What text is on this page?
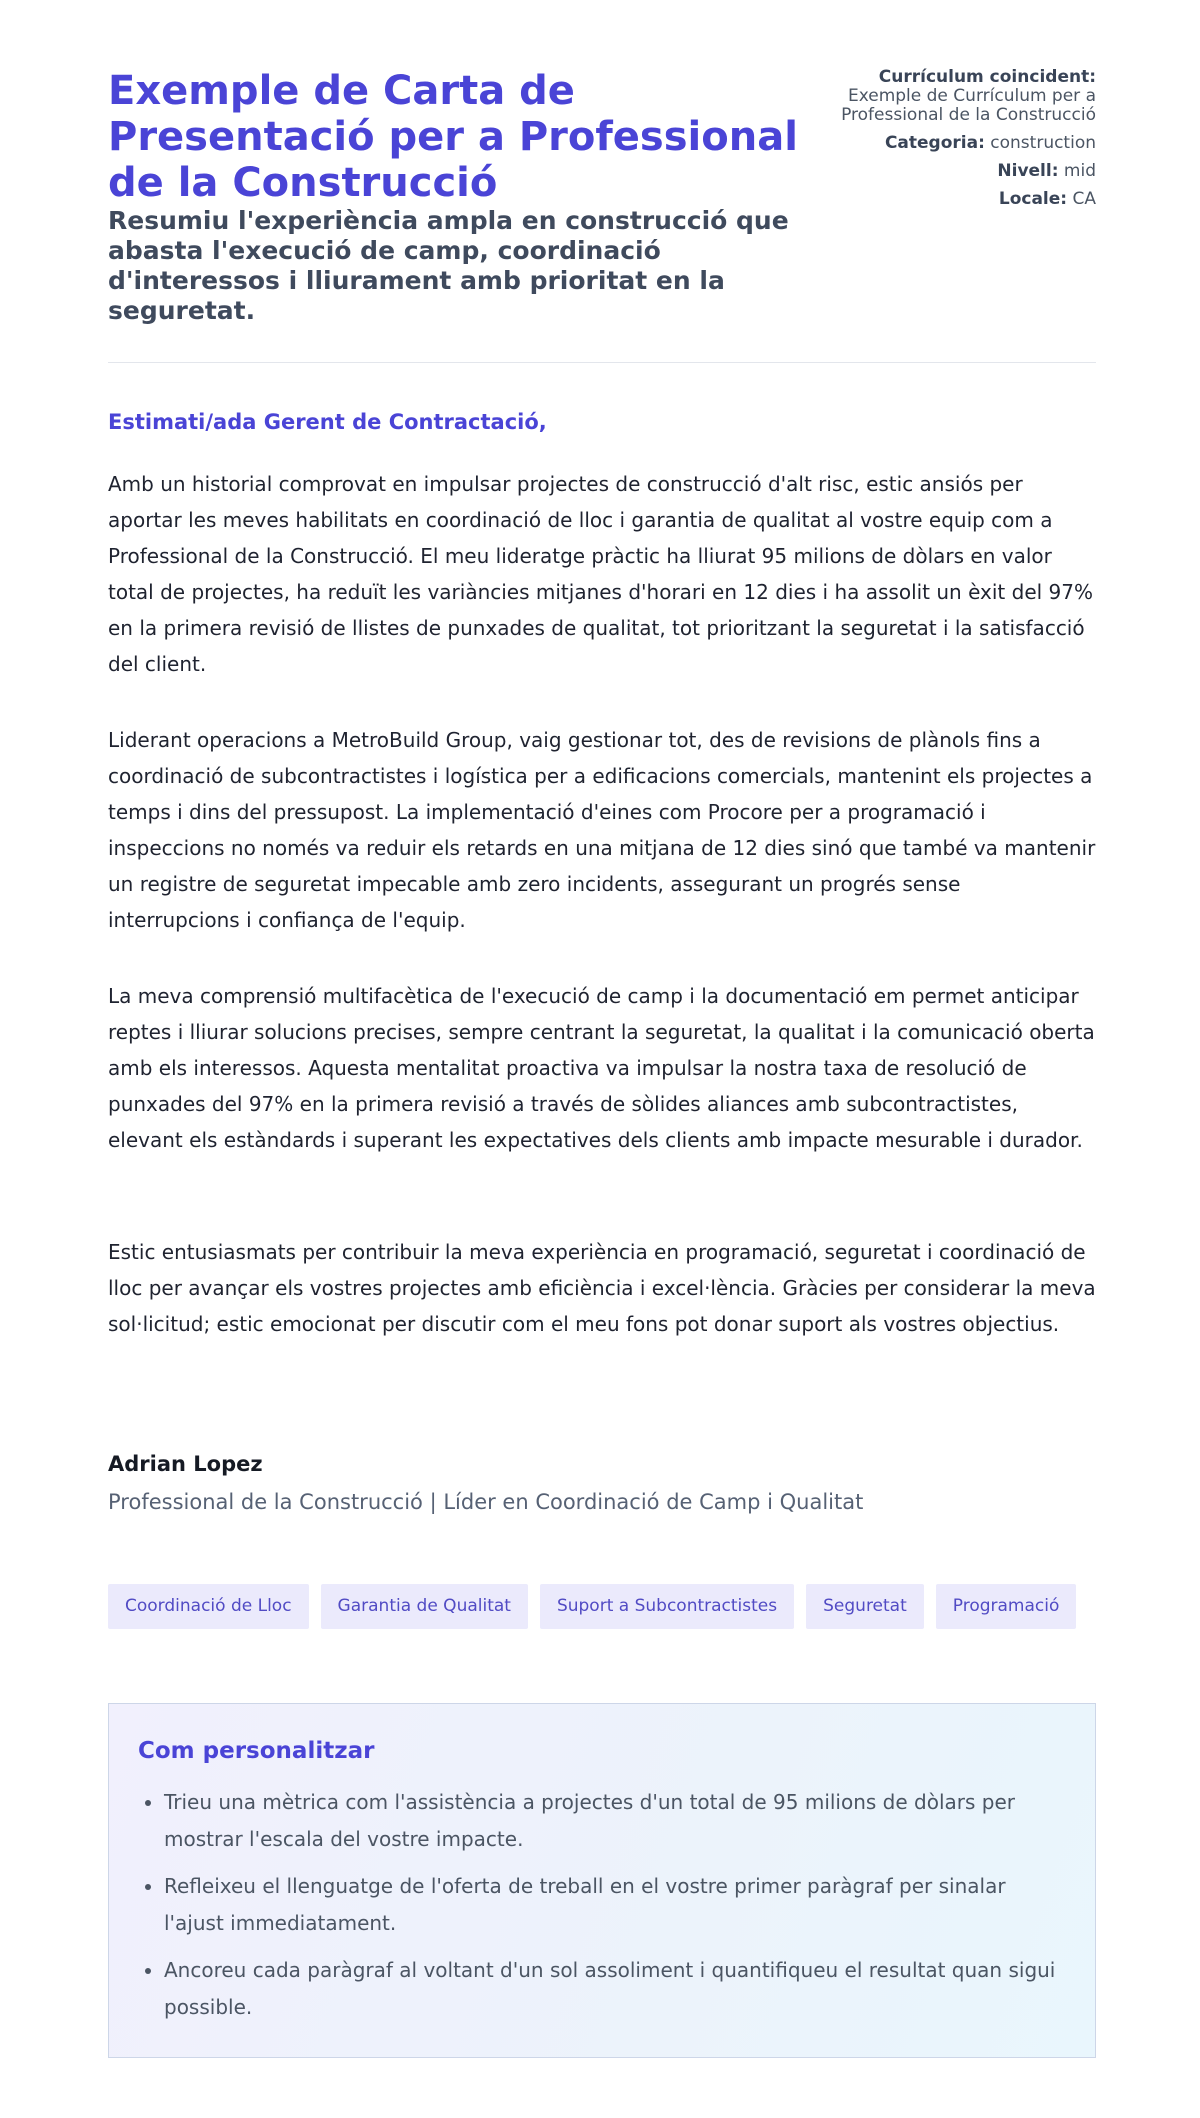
Exemple de Carta de Presentació per a Professional de la Construcció
Resumiu l'experiència ampla en construcció que abasta l'execució de camp, coordinació d'interessos i lliurament amb prioritat en la seguretat.
Currículum coincident:
Exemple de Currículum per a Professional de la Construcció
Categoria: construction
Nivell: mid
Locale: CA

Estimati/ada Gerent de Contractació,

Amb un historial comprovat en impulsar projectes de construcció d'alt risc, estic ansiós per aportar les meves habilitats en coordinació de lloc i garantia de qualitat al vostre equip com a Professional de la Construcció. El meu lideratge pràctic ha lliurat 95 milions de dòlars en valor total de projectes, ha reduït les variàncies mitjanes d'horari en 12 dies i ha assolit un èxit del 97% en la primera revisió de llistes de punxades de qualitat, tot prioritzant la seguretat i la satisfacció del client.

Liderant operacions a MetroBuild Group, vaig gestionar tot, des de revisions de plànols fins a coordinació de subcontractistes i logística per a edificacions comercials, mantenint els projectes a temps i dins del pressupost. La implementació d'eines com Procore per a programació i inspeccions no només va reduir els retards en una mitjana de 12 dies sinó que també va mantenir un registre de seguretat impecable amb zero incidents, assegurant un progrés sense interrupcions i confiança de l'equip.

La meva comprensió multifacètica de l'execució de camp i la documentació em permet anticipar reptes i lliurar solucions precises, sempre centrant la seguretat, la qualitat i la comunicació oberta amb els interessos. Aquesta mentalitat proactiva va impulsar la nostra taxa de resolució de punxades del 97% en la primera revisió a través de sòlides aliances amb subcontractistes, elevant els estàndards i superant les expectatives dels clients amb impacte mesurable i durador.

Estic entusiasmats per contribuir la meva experiència en programació, seguretat i coordinació de lloc per avançar els vostres projectes amb eficiència i excel·lència. Gràcies per considerar la meva sol·licitud; estic emocionat per discutir com el meu fons pot donar suport als vostres objectius.

Adrian Lopez

Professional de la Construcció | Líder en Coordinació de Camp i Qualitat

Coordinació de Lloc	Garantia de Qualitat	Suport a Subcontractistes	Seguretat	Programació
Com personalitzar
• Trieu una mètrica com l'assistència a projectes d'un total de 95 milions de dòlars per mostrar l'escala del vostre impacte.
• Refleixeu el llenguatge de l'oferta de treball en el vostre primer paràgraf per sinalar l'ajust immediatament.
• Ancoreu cada paràgraf al voltant d'un sol assoliment i quantifiqueu el resultat quan sigui possible.
